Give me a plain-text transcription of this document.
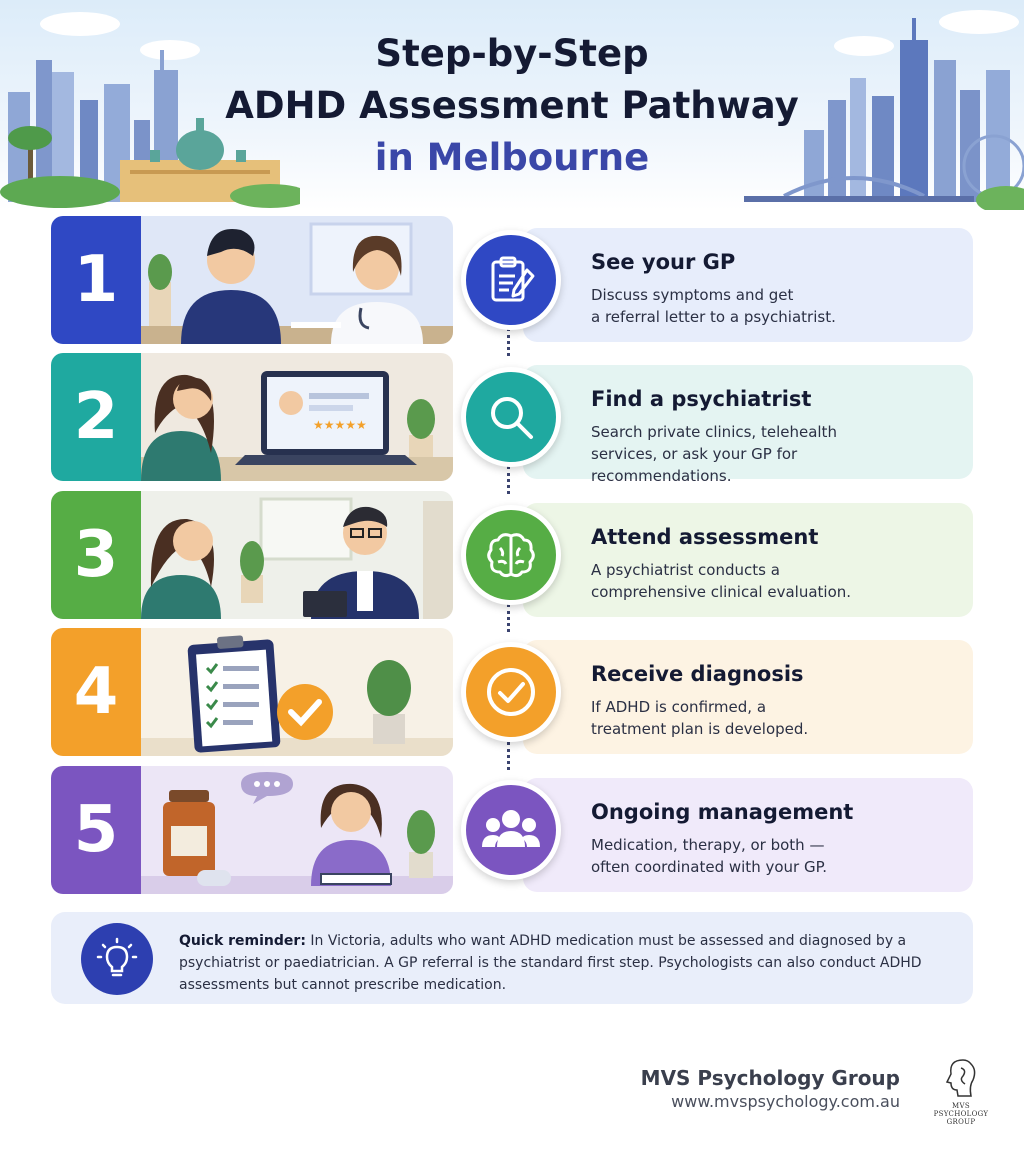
Step-by-Step
ADHD Assessment Pathway
in Melbourne
1	See your GP
Discuss symptoms and get
a referral letter to a psychiatrist.
2	★★★★★
Find a psychiatrist
Search private clinics, telehealth
services, or ask your GP for
recommendations.
3	Attend assessment
A psychiatrist conducts a
comprehensive clinical evaluation.
4	Receive diagnosis
If ADHD is confirmed, a
treatment plan is developed.
5	Ongoing management
Medication, therapy, or both —
often coordinated with your GP.
Quick reminder: In Victoria, adults who want ADHD medication must be assessed and diagnosed by a psychiatrist or paediatrician. A GP referral is the standard first step. Psychologists can also conduct ADHD assessments but cannot prescribe medication.
MVS Psychology Group
www.mvspsychology.com.au	MVS
PSYCHOLOGY
GROUP
